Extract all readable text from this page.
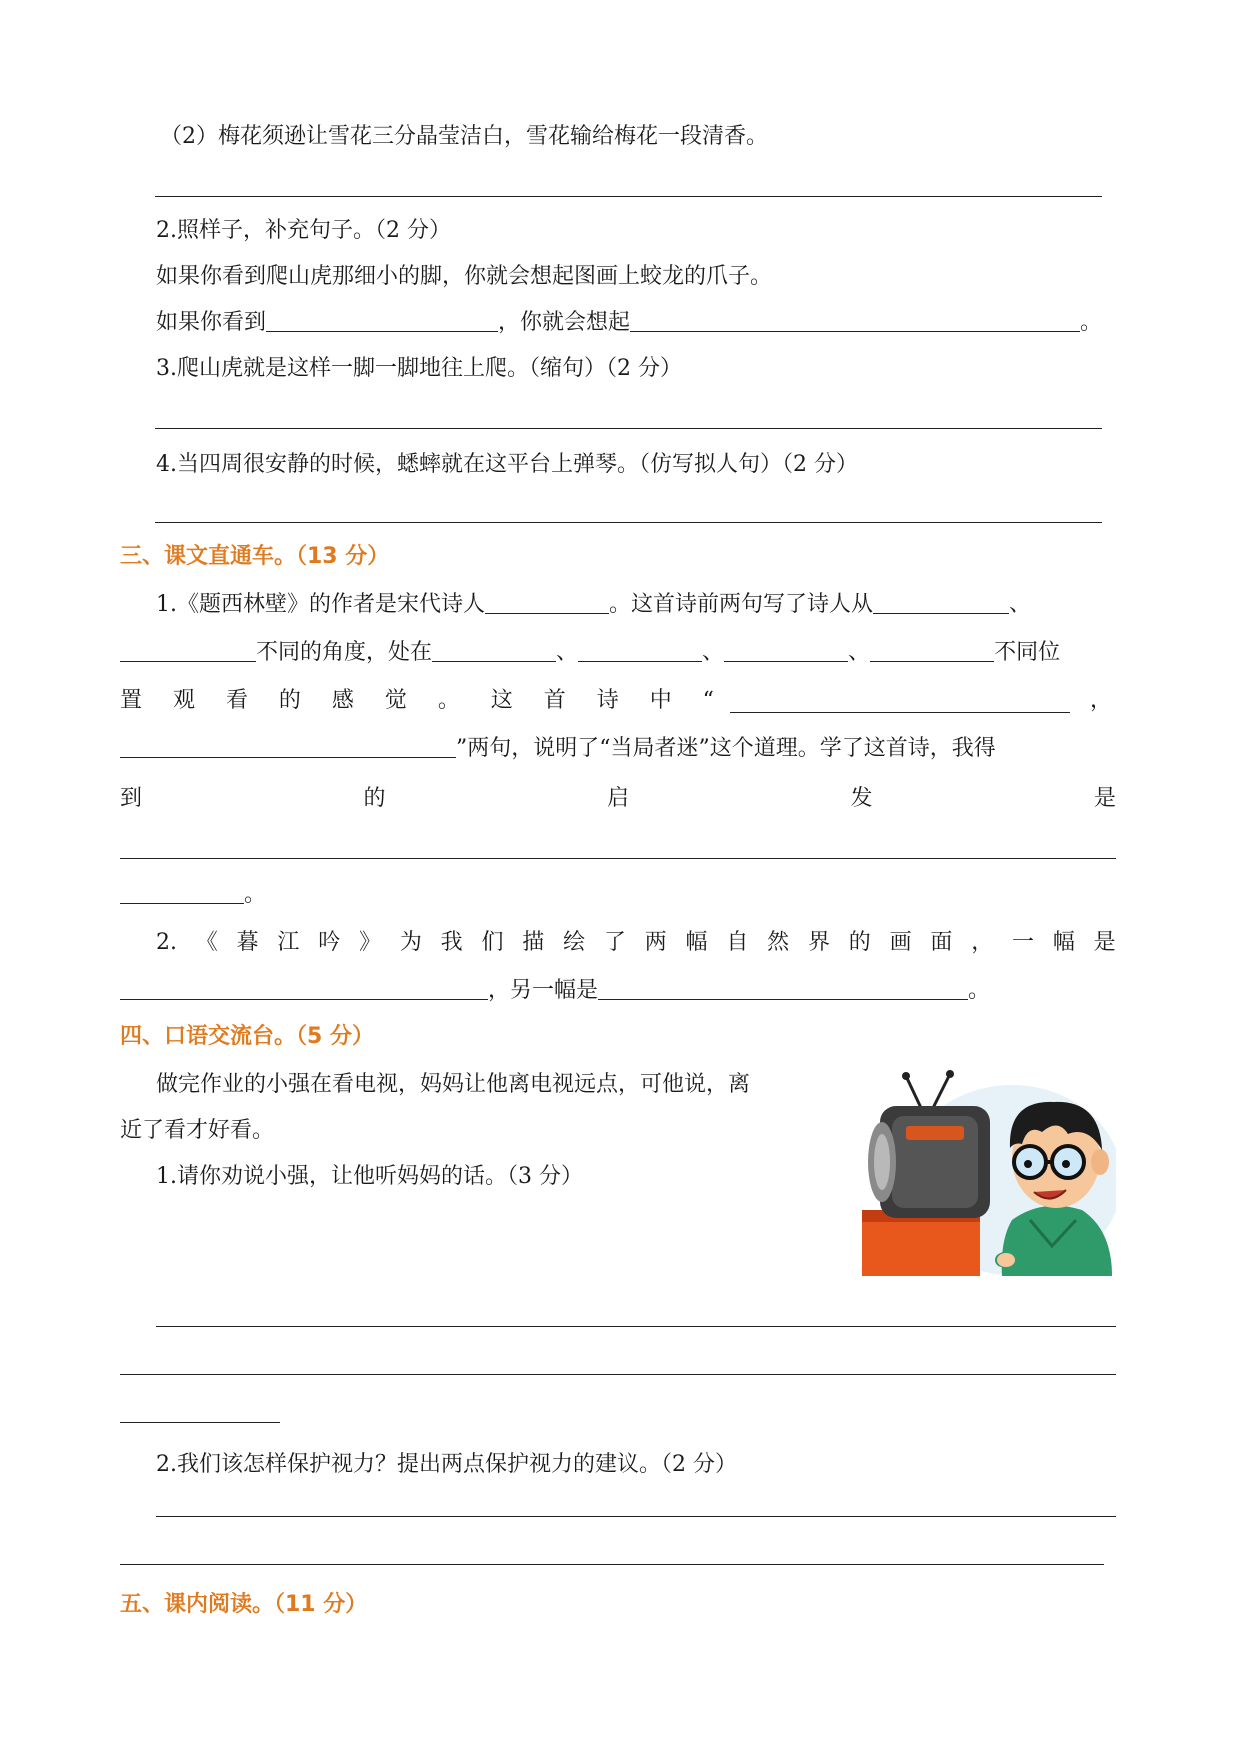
（2）梅花须逊让雪花三分晶莹洁白，雪花输给梅花一段清香。
2.照样子，补充句子。（2 分）
如果你看到爬山虎那细小的脚，你就会想起图画上蛟龙的爪子。
如果你看到	，你就会想起	。
3.爬山虎就是这样一脚一脚地往上爬。（缩句）（2 分）
4.当四周很安静的时候，蟋蟀就在这平台上弹琴。（仿写拟人句）（2 分）
三、课文直通车。（13 分）
1.《题西林壁》的作者是宋代诗人	。这首诗前两句写了诗人从	、
不同的角度，处在	、	、	、	不同位
置 观 看 的 感 觉 。 这 首 诗 中 “	，
”两句，说明了“当局者迷”这个道理。学了这首诗，我得
到	的	启	发	是
。
2. 《 暮 江 吟 》 为 我 们 描 绘 了 两 幅 自 然 界 的 画 面 ， 一 幅 是
，另一幅是	。
四、口语交流台。（5 分）
做完作业的小强在看电视，妈妈让他离电视远点，可他说，离
近了看才好看。
1.请你劝说小强，让他听妈妈的话。（3 分）
2.我们该怎样保护视力？提出两点保护视力的建议。（2 分）
五、课内阅读。（11 分）
